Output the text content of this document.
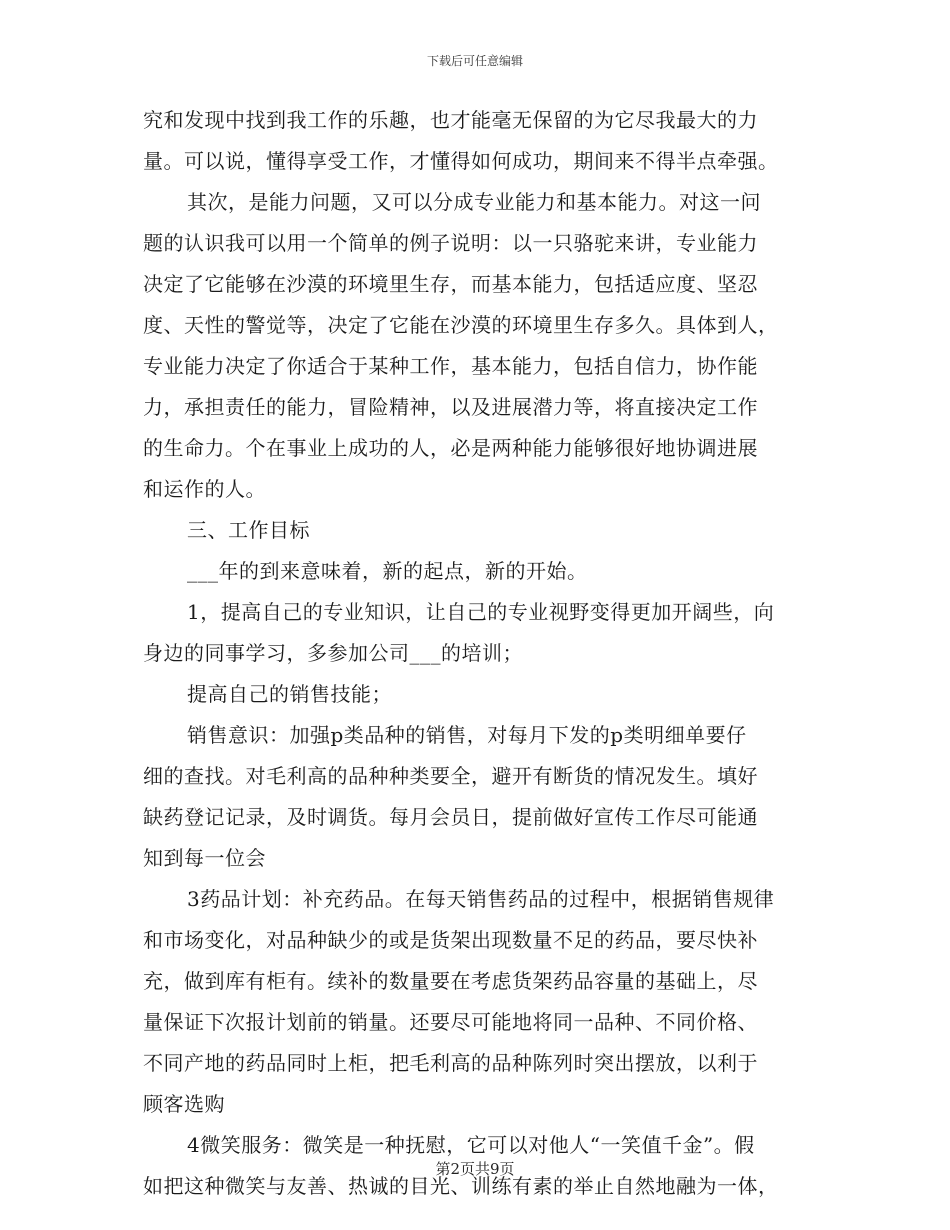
下载后可任意编辑
究和发现中找到我工作的乐趣，也才能毫无保留的为它尽我最大的力
量。可以说，懂得享受工作，才懂得如何成功，期间来不得半点牵强。
其次，是能力问题，又可以分成专业能力和基本能力。对这一问
题的认识我可以用一个简单的例子说明：以一只骆驼来讲，专业能力
决定了它能够在沙漠的环境里生存，而基本能力，包括适应度、坚忍
度、天性的警觉等，决定了它能在沙漠的环境里生存多久。具体到人，
专业能力决定了你适合于某种工作，基本能力，包括自信力，协作能
力，承担责任的能力，冒险精神，以及进展潜力等，将直接决定工作
的生命力。个在事业上成功的人，必是两种能力能够很好地协调进展
和运作的人。
三、工作目标
___年的到来意味着，新的起点，新的开始。
1，提高自己的专业知识，让自己的专业视野变得更加开阔些，向
身边的同事学习，多参加公司___的培训；
提高自己的销售技能；
销售意识：加强p类品种的销售，对每月下发的p类明细单要仔
细的查找。对毛利高的品种种类要全，避开有断货的情况发生。填好
缺药登记记录，及时调货。每月会员日，提前做好宣传工作尽可能通
知到每一位会
3药品计划：补充药品。在每天销售药品的过程中，根据销售规律
和市场变化，对品种缺少的或是货架出现数量不足的药品，要尽快补
充，做到库有柜有。续补的数量要在考虑货架药品容量的基础上，尽
量保证下次报计划前的销量。还要尽可能地将同一品种、不同价格、
不同产地的药品同时上柜，把毛利高的品种陈列时突出摆放，以利于
顾客选购
4微笑服务：微笑是一种抚慰，它可以对他人“一笑值千金”。假
如把这种微笑与友善、热诚的目光、训练有素的举止自然地融为一体，
第2页共9页
